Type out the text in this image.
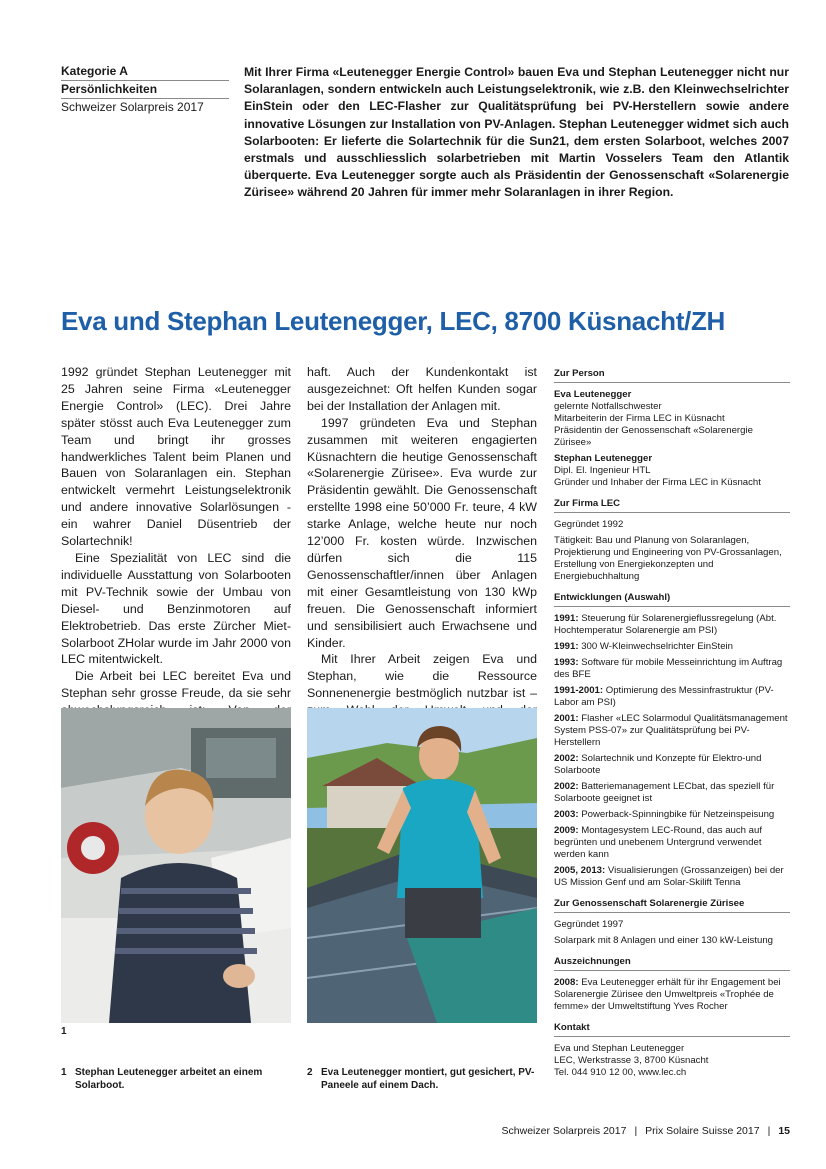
Kategorie A
Persönlichkeiten
Schweizer Solarpreis 2017
Mit Ihrer Firma «Leutenegger Energie Control» bauen Eva und Stephan Leutenegger nicht nur Solaranlagen, sondern entwickeln auch Leistungselektronik, wie z.B. den Kleinwechselrichter EinStein oder den LEC-Flasher zur Qualitätsprüfung bei PV-Herstellern sowie andere innovative Lösungen zur Installation von PV-Anlagen. Stephan Leutenegger widmet sich auch Solarbooten: Er lieferte die Solartechnik für die Sun21, dem ersten Solarboot, welches 2007 erstmals und ausschliesslich solarbetrieben mit Martin Vosselers Team den Atlantik überquerte. Eva Leutenegger sorgte auch als Präsidentin der Genossenschaft «Solarenergie Zürisee» während 20 Jahren für immer mehr Solaranlagen in ihrer Region.
Eva und Stephan Leutenegger, LEC, 8700 Küsnacht/ZH

1992 gründet Stephan Leutenegger mit 25 Jahren seine Firma «Leutenegger Energie Control» (LEC). Drei Jahre später stösst auch Eva Leutenegger zum Team und bringt ihr grosses handwerkliches Talent beim Planen und Bauen von Solaranlagen ein. Stephan entwickelt vermehrt Leistungselektronik und andere innovative Solarlösungen - ein wahrer Daniel Düsentrieb der Solartechnik!

Eine Spezialität von LEC sind die individuelle Ausstattung von Solarbooten mit PV-Technik sowie der Umbau von Diesel- und Benzinmotoren auf Elektrobetrieb. Das erste Zürcher Miet-Solarboot ZHolar wurde im Jahr 2000 von LEC mitentwickelt.

Die Arbeit bei LEC bereitet Eva und Stephan sehr grosse Freude, da sie sehr

haft. Auch der Kundenkontakt ist ausgezeichnet: Oft helfen Kunden sogar bei der Installation der Anlagen mit.

1997 gründeten Eva und Stephan zusammen mit weiteren engagierten Küsnachtern die heutige Genossenschaft «Solarenergie Zürisee». Eva wurde zur Präsidentin gewählt. Die Genossenschaft erstellte 1998 eine 50’000 Fr. teure, 4 kW starke Anlage, welche heute nur noch 12’000 Fr. kosten würde. Inzwischen dürfen sich die 115 Genossenschaftler/innen über Anlagen mit einer Gesamtleistung von 130 kWp freuen. Die Genossenschaft informiert und sensibilisiert auch Erwachsene und Kinder.

Mit Ihrer Arbeit zeigen Eva und Stephan, wie die Ressource Sonnenenergie bestmöglich nutzbar ist –

1
1 Stephan Leutenegger arbeitet an einem Solarboot.
2 Eva Leutenegger montiert, gut gesichert, PV-Paneele auf einem Dach.
Zur Person
Eva Leutenegger
gelernte Notfallschwester
Mitarbeiterin der Firma LEC in Küsnacht
Präsidentin der Genossenschaft «Solarenergie Zürisee»
Stephan Leutenegger
Dipl. El. Ingenieur HTL
Gründer und Inhaber der Firma LEC in Küsnacht
Zur Firma LEC

Gegründet 1992

Tätigkeit: Bau und Planung von Solaranlagen, Projektierung und Engineering von PV-Grossanlagen, Erstellung von Energiekonzepten und Energiebuchhaltung

Entwicklungen (Auswahl)

1991: Steuerung für Solarenergieflussregelung (Abt. Hochtemperatur Solarenergie am PSI)

1991: 300 W-Kleinwechselrichter EinStein

1993: Software für mobile Messeinrichtung im Auftrag des BFE

1991-2001: Optimierung des Messinfrastruktur (PV-Labor am PSI)

2001: Flasher «LEC Solarmodul Qualitätsmanagement System PSS-07» zur Qualitätsprüfung bei PV-Herstellern

2002: Solartechnik und Konzepte für Elektro-und Solarboote

2002: Batteriemanagement LECbat, das speziell für Solarboote geeignet ist

2003: Powerback-Spinningbike für Netzeinspeisung

2009: Montagesystem LEC-Round, das auch auf begrünten und unebenem Untergrund verwendet werden kann

2005, 2013: Visualisierungen (Grossanzeigen) bei der US Mission Genf und am Solar-Skilift Tenna

Zur Genossenschaft Solarenergie Zürisee

Gegründet 1997

Solarpark mit 8 Anlagen und einer 130 kW-Leistung

Auszeichnungen

2008: Eva Leutenegger erhält für ihr Engagement bei Solarenergie Zürisee den Umweltpreis «Trophée de femme» der Umweltstiftung Yves Rocher

Kontakt
Eva und Stephan Leutenegger
LEC, Werkstrasse 3, 8700 Küsnacht
Tel. 044 910 12 00, www.lec.ch
Schweizer Solarpreis 2017 | Prix Solaire Suisse 2017 | 15
